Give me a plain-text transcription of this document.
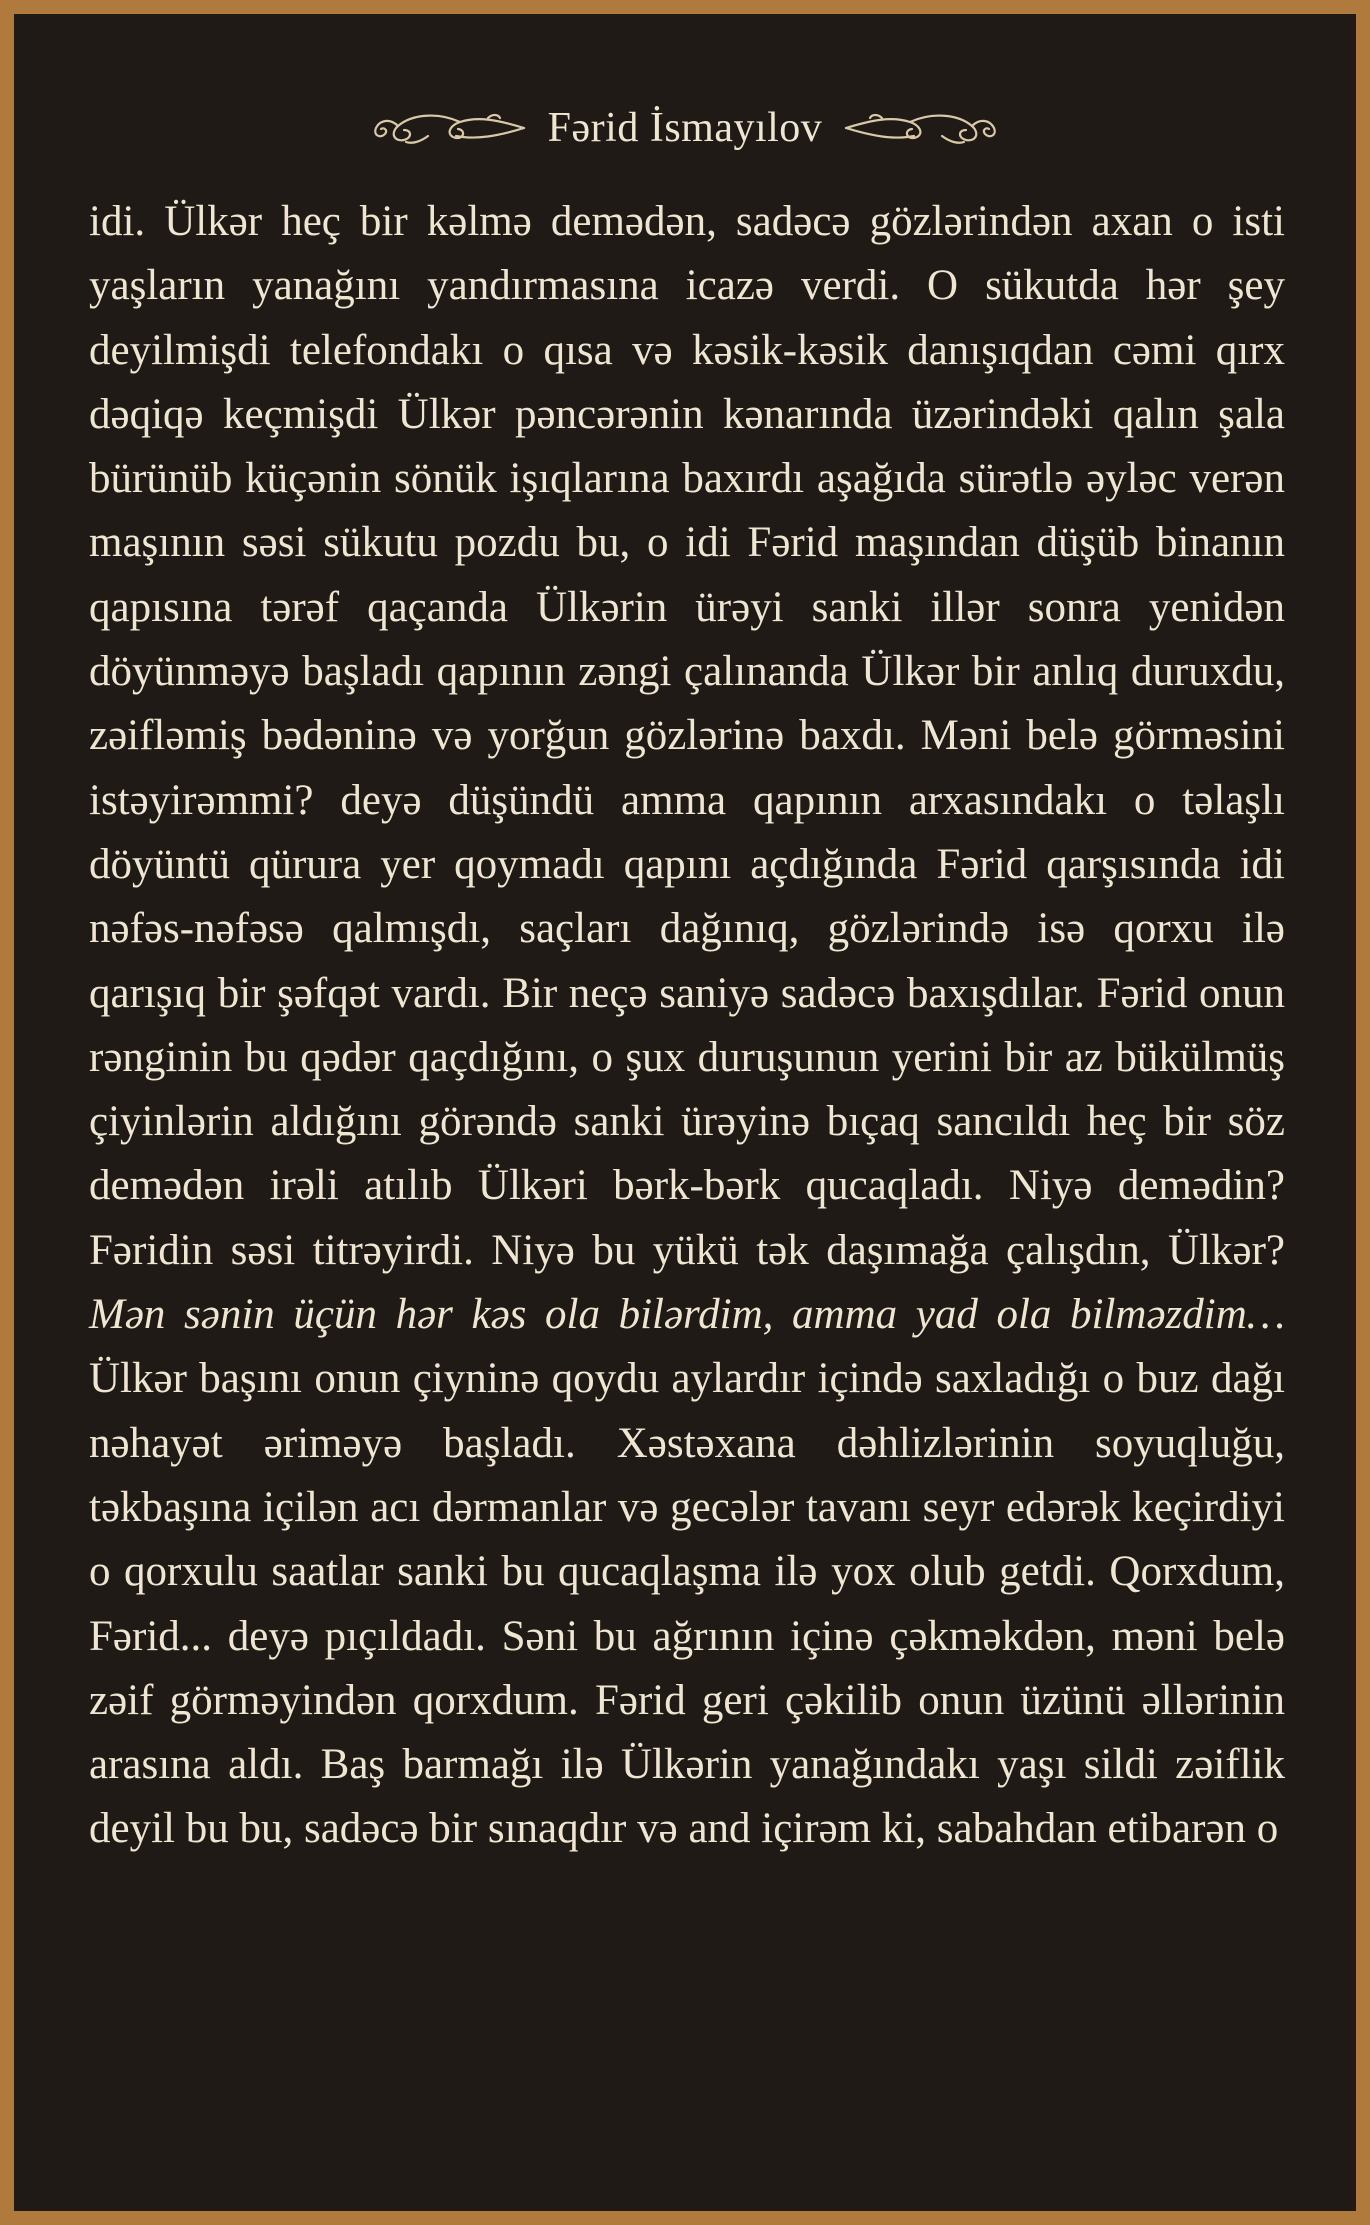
Fərid İsmayılov
idi. Ülkər heç bir kəlmə demədən, sadəcə gözlərindən axan o isti yaşların yanağını yandırmasına icazə verdi. O sükutda hər şey deyilmişdi telefondakı o qısa və kəsik-kəsik danışıqdan cəmi qırx dəqiqə keçmişdi Ülkər pəncərənin kənarında üzərindəki qalın şala bürünüb küçənin sönük işıqlarına baxırdı aşağıda sürətlə əyləc verən maşının səsi sükutu pozdu bu, o idi Fərid maşından düşüb binanın qapısına tərəf qaçanda Ülkərin ürəyi sanki illər sonra yenidən döyünməyə başladı qapının zəngi çalınanda Ülkər bir anlıq duruxdu, zəifləmiş bədəninə və yorğun gözlərinə baxdı. Məni belə görməsini istəyirəmmi? deyə düşündü amma qapının arxasındakı o təlaşlı döyüntü qürura yer qoymadı qapını açdığında Fərid qarşısında idi nəfəs-nəfəsə qalmışdı, saçları dağınıq, gözlərində isə qorxu ilə qarışıq bir şəfqət vardı. Bir neçə saniyə sadəcə baxışdılar. Fərid onun rənginin bu qədər qaçdığını, o şux duruşunun yerini bir az bükülmüş çiyinlərin aldığını görəndə sanki ürəyinə bıçaq sancıldı heç bir söz demədən irəli atılıb Ülkəri bərk-bərk qucaqladı. Niyə demədin? Fəridin səsi titrəyirdi. Niyə bu yükü tək daşımağa çalışdın, Ülkər? Mən sənin üçün hər kəs ola bilərdim, amma yad ola bilməzdim… Ülkər başını onun çiyninə qoydu aylardır içində saxladığı o buz dağı nəhayət əriməyə başladı. Xəstəxana dəhlizlərinin soyuqluğu, təkbaşına içilən acı dərmanlar və gecələr tavanı seyr edərək keçirdiyi o qorxulu saatlar sanki bu qucaqlaşma ilə yox olub getdi. Qorxdum, Fərid... deyə pıçıldadı. Səni bu ağrının içinə çəkməkdən, məni belə zəif görməyindən qorxdum. Fərid geri çəkilib onun üzünü əllərinin arasına aldı. Baş barmağı ilə Ülkərin yanağındakı yaşı sildi zəiflik deyil bu bu, sadəcə bir sınaqdır və and içirəm ki, sabahdan etibarən o
